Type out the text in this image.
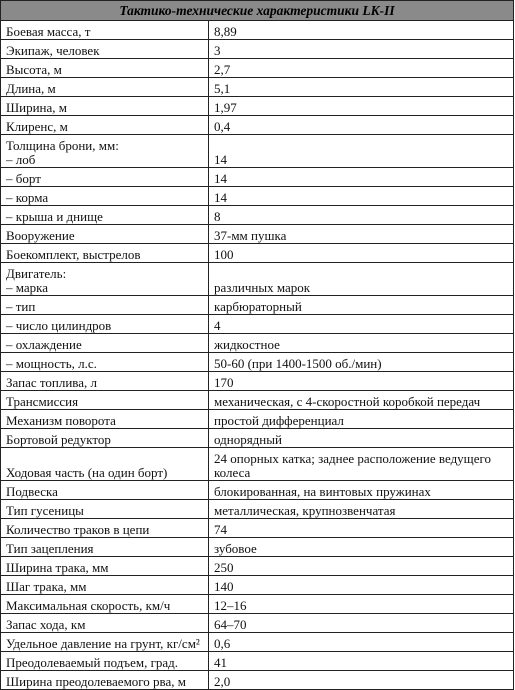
Тактико-технические характеристики LK-II	

Боевая масса, т	8,89

Экипаж, человек	3

Высота, м	2,7

Длина, м	5,1

Ширина, м	1,97

Клиренс, м	0,4

Толщина брони, мм:
– лоб	14

– борт	14

– корма	14

– крыша и днище	8

Вооружение	37-мм пушка

Боекомплект, выстрелов	100

Двигатель:
– марка	различных марок

– тип	карбюраторный

– число цилиндров	4

– охлаждение	жидкостное

– мощность, л.с.	50-60 (при 1400-1500 об./мин)

Запас топлива, л	170

Трансмиссия	механическая, с 4-скоростной коробкой передач

Механизм поворота	простой дифференциал

Бортовой редуктор	однорядный

Ходовая часть (на один борт)	24 опорных катка; заднее расположение ведущего колеса

Подвеска	блокированная, на винтовых пружинах

Тип гусеницы	металлическая, крупнозвенчатая

Количество траков в цепи	74

Тип зацепления	зубовое

Ширина трака, мм	250

Шаг трака, мм	140

Максимальная скорость, км/ч	12–16

Запас хода, км	64–70

Удельное давление на грунт, кг/см²	0,6

Преодолеваемый подъем, град.	41

Ширина преодолеваемого рва, м	2,0
